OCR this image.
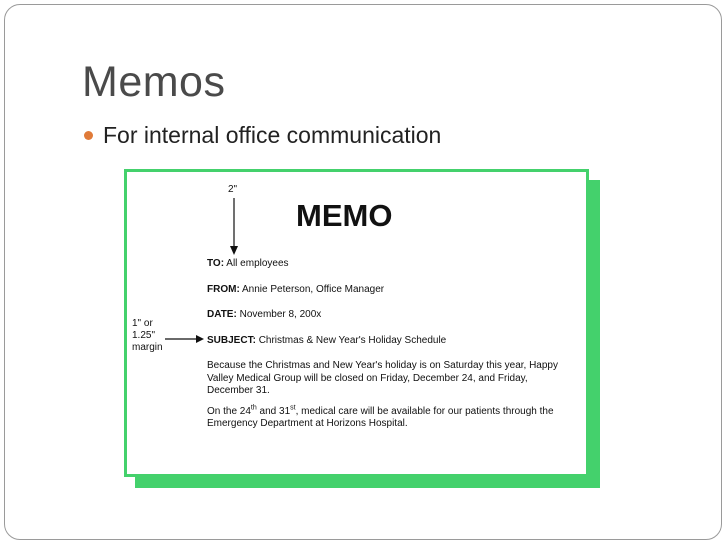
Memos
For internal office communication
2"
MEMO
1" or
1.25"
margin
TO: All employees
FROM: Annie Peterson, Office Manager
DATE: November 8, 200x
SUBJECT: Christmas & New Year's Holiday Schedule

Because the Christmas and New Year's holiday is on Saturday this year, Happy Valley Medical Group will be closed on Friday, December 24, and Friday, December 31.

On the 24th and 31st, medical care will be available for our patients through the Emergency Department at Horizons Hospital.
